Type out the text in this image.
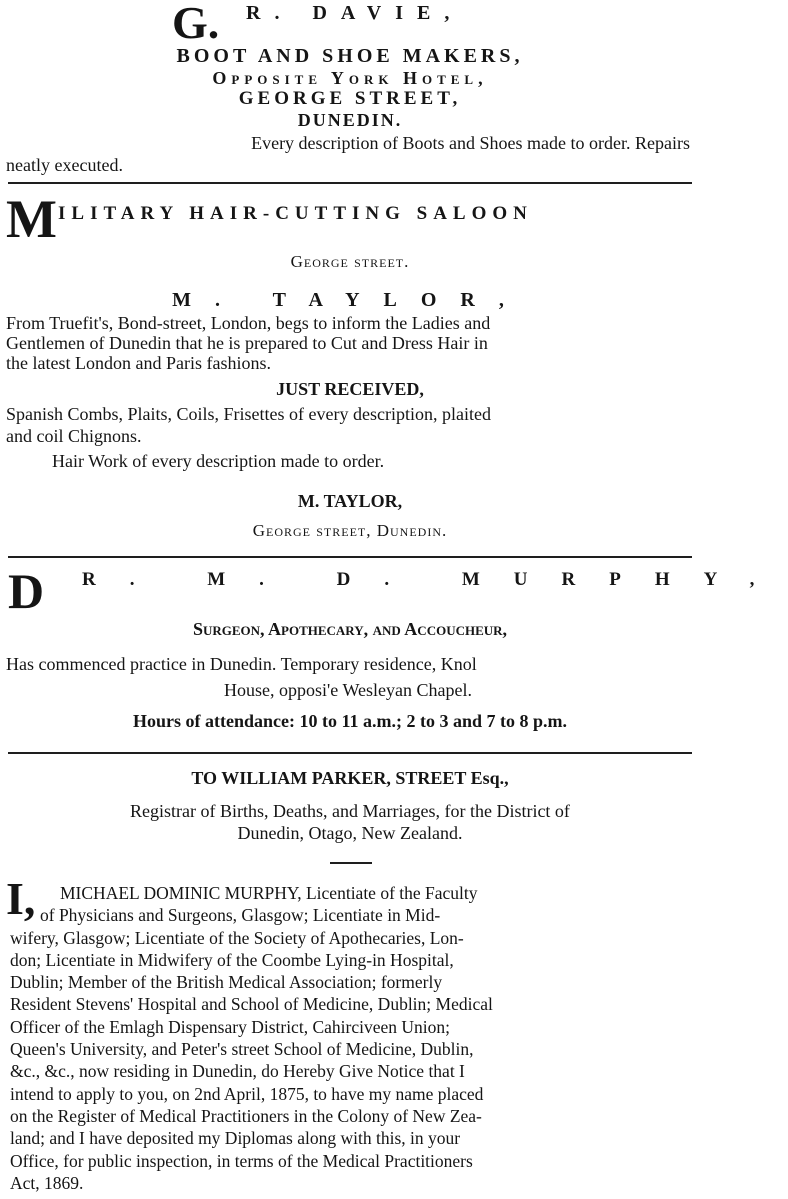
G. R. DAVIE,
BOOT AND SHOE MAKERS,
Opposite York Hotel,
GEORGE STREET,
DUNEDIN.
Every description of Boots and Shoes made to order. Repairs
neatly executed.
M ILITARY HAIR-CUTTING SALOON
George street.
M. TAYLOR,
From Truefit's, Bond-street, London, begs to inform the Ladies and
Gentlemen of Dunedin that he is prepared to Cut and Dress Hair in
the latest London and Paris fashions.
JUST RECEIVED,
Spanish Combs, Plaits, Coils, Frisettes of every description, plaited
and coil Chignons.
Hair Work of every description made to order.
M. TAYLOR,
George street, Dunedin.
D R. M. D. MURPHY,
Surgeon, Apothecary, and Accoucheur,
Has commenced practice in Dunedin. Temporary residence, Knol
House, opposi'e Wesleyan Chapel.
Hours of attendance: 10 to 11 a.m.; 2 to 3 and 7 to 8 p.m.
TO WILLIAM PARKER, STREET Esq.,
Registrar of Births, Deaths, and Marriages, for the District of
Dunedin, Otago, New Zealand.
I,	MICHAEL DOMINIC MURPHY, Licentiate of the Faculty
of Physicians and Surgeons, Glasgow; Licentiate in Mid-
wifery, Glasgow; Licentiate of the Society of Apothecaries, Lon-
don; Licentiate in Midwifery of the Coombe Lying-in Hospital,
Dublin; Member of the British Medical Association; formerly
Resident Stevens' Hospital and School of Medicine, Dublin; Medical
Officer of the Emlagh Dispensary District, Cahirciveen Union;
Queen's University, and Peter's street School of Medicine, Dublin,
&c., &c., now residing in Dunedin, do Hereby Give Notice that I
intend to apply to you, on 2nd April, 1875, to have my name placed
on the Register of Medical Practitioners in the Colony of New Zea-
land; and I have deposited my Diplomas along with this, in your
Office, for public inspection, in terms of the Medical Practitioners
Act, 1869.
